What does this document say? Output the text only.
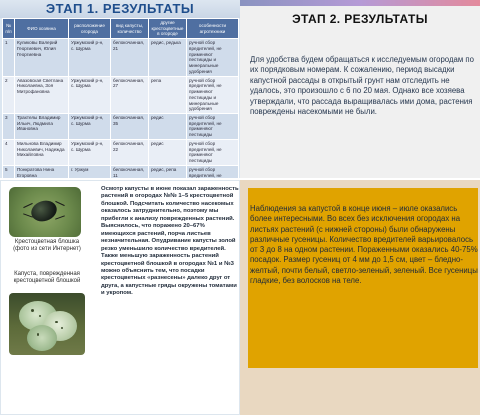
ЭТАП 1. РЕЗУЛЬТАТЫ
№ п/п	ФИО хозяина	расположение огорода	вид капусты, количество	другие крестоцветные в огороде	особенности агротехники
1	Куликовы Валерий Георгиевич, Юлия Георгиевна	Уржумский р-н, с. Шурма	белокочанная, 21	редис, редька	ручной сбор вредителей, не применяют пестициды и минеральные удобрения
2	Авазовская Светлана Николаевна, Зоя Митрофановна	Уржумский р-н, с. Шурма	белокочанная, 27	репа	ручной сбор вредителей, не применяют пестициды и минеральные удобрения
3	Трахтелы Владимир Ильич, Людмила Ивановна	Уржумский р-н, с. Шурма	белокочанная, 35	редис	ручной сбор вредителей, не применяют пестициды
4	Мильнова Владимир Николаевич, Надежда Михайловна	Уржумский р-н, с. Шурма	белокочанная, 22	редис	ручной сбор вредителей, не применяют пестициды
5	Понкратова Нина Егоровна	г. Уржум	белокочанная, 11	редис, репа	ручной сбор вредителей, не

ЭТАП 2. РЕЗУЛЬТАТЫ
Для удобства будем обращаться к исследуемым огородам по их порядковым номерам. К сожалению, период высадки капустной рассады в открытый грунт нам отследить не удалось, это произошло с 6 по 20 мая. Однако все хозяева утверждали, что рассада выращивалась ими дома, растения повреждены насекомыми не были.
Крестоцветная блошка (фото из сети Интернет)
Капуста, поврежденная крестоцветной блошкой
Осмотр капусты в июне показал зараженность растений в огородах №№ 1–5 крестоцветной блошкой. Подсчитать количество насекомых оказалось затруднительно, поэтому мы прибегли к анализу поврежденных растений. Выяснилось, что поражено 20–67% имеющихся растений, порча листьев незначительная. Опудривание капусты золой резко уменьшило количество вредителей. Также меньшую зараженность растений крестоцветной блошкой в огородах №1 и №3 можно объяснить тем, что посадки крестоцветных «разнесены» далеко друг от друга, а капустные гряды окружены томатами и укропом.
Наблюдения за капустой в конце июня – июле оказались более интересными. Во всех без исключения огородах на листьях растений (с нижней стороны) были обнаружены различные гусеницы. Количество вредителей варьировалось от 3 до 8 на одном растении. Пораженными оказались 40-75% посадок. Размер гусениц от 4 мм до 1,5 см, цвет – бледно-желтый, почти белый, светло-зеленый, зеленый. Все гусеницы гладкие, без волосков на теле.
